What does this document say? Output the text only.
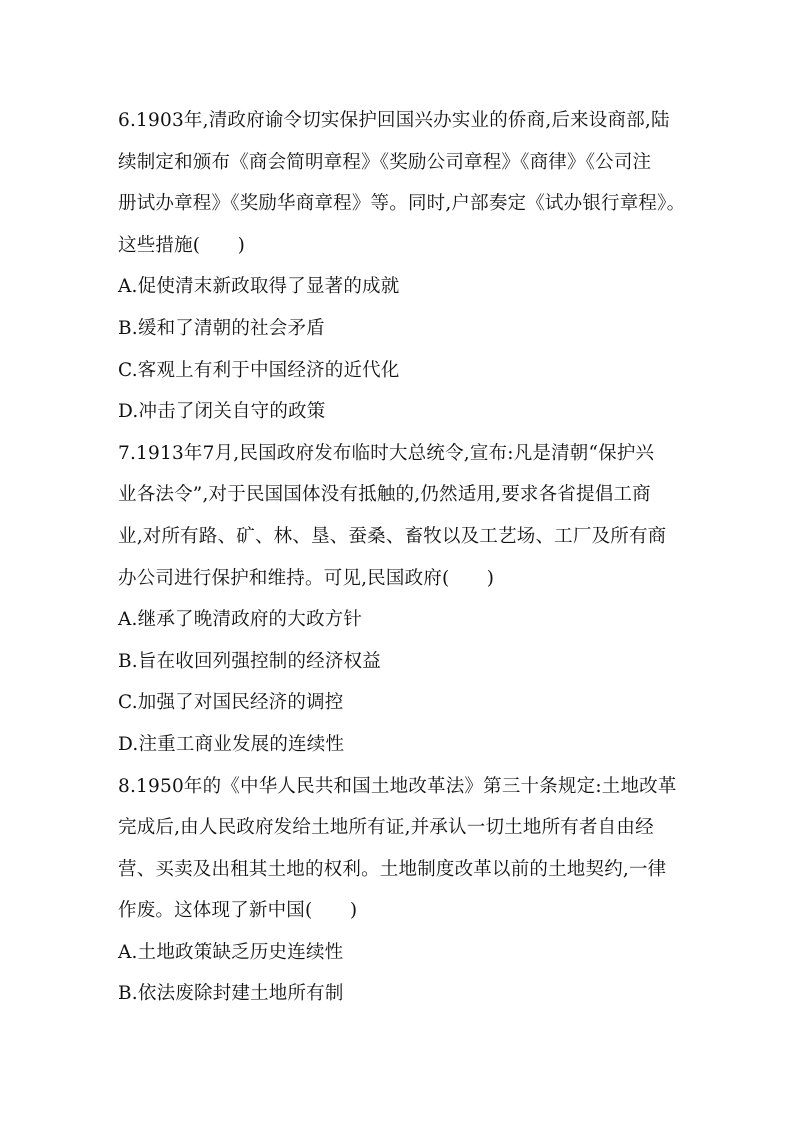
6.1903年,清政府谕令切实保护回国兴办实业的侨商,后来设商部,陆
续制定和颁布《商会简明章程》《奖励公司章程》《商律》《公司注
册试办章程》《奖励华商章程》等。同时,户部奏定《试办银行章程》。
这些措施(　　)
A.促使清末新政取得了显著的成就
B.缓和了清朝的社会矛盾
C.客观上有利于中国经济的近代化
D.冲击了闭关自守的政策
7.1913年7月,民国政府发布临时大总统令,宣布:凡是清朝“保护兴
业各法令”,对于民国国体没有抵触的,仍然适用,要求各省提倡工商
业,对所有路、矿、林、垦、蚕桑、畜牧以及工艺场、工厂及所有商
办公司进行保护和维持。可见,民国政府(　　)
A.继承了晚清政府的大政方针
B.旨在收回列强控制的经济权益
C.加强了对国民经济的调控
D.注重工商业发展的连续性
8.1950年的《中华人民共和国土地改革法》第三十条规定:土地改革
完成后,由人民政府发给土地所有证,并承认一切土地所有者自由经
营、买卖及出租其土地的权利。土地制度改革以前的土地契约,一律
作废。这体现了新中国(　　)
A.土地政策缺乏历史连续性
B.依法废除封建土地所有制
